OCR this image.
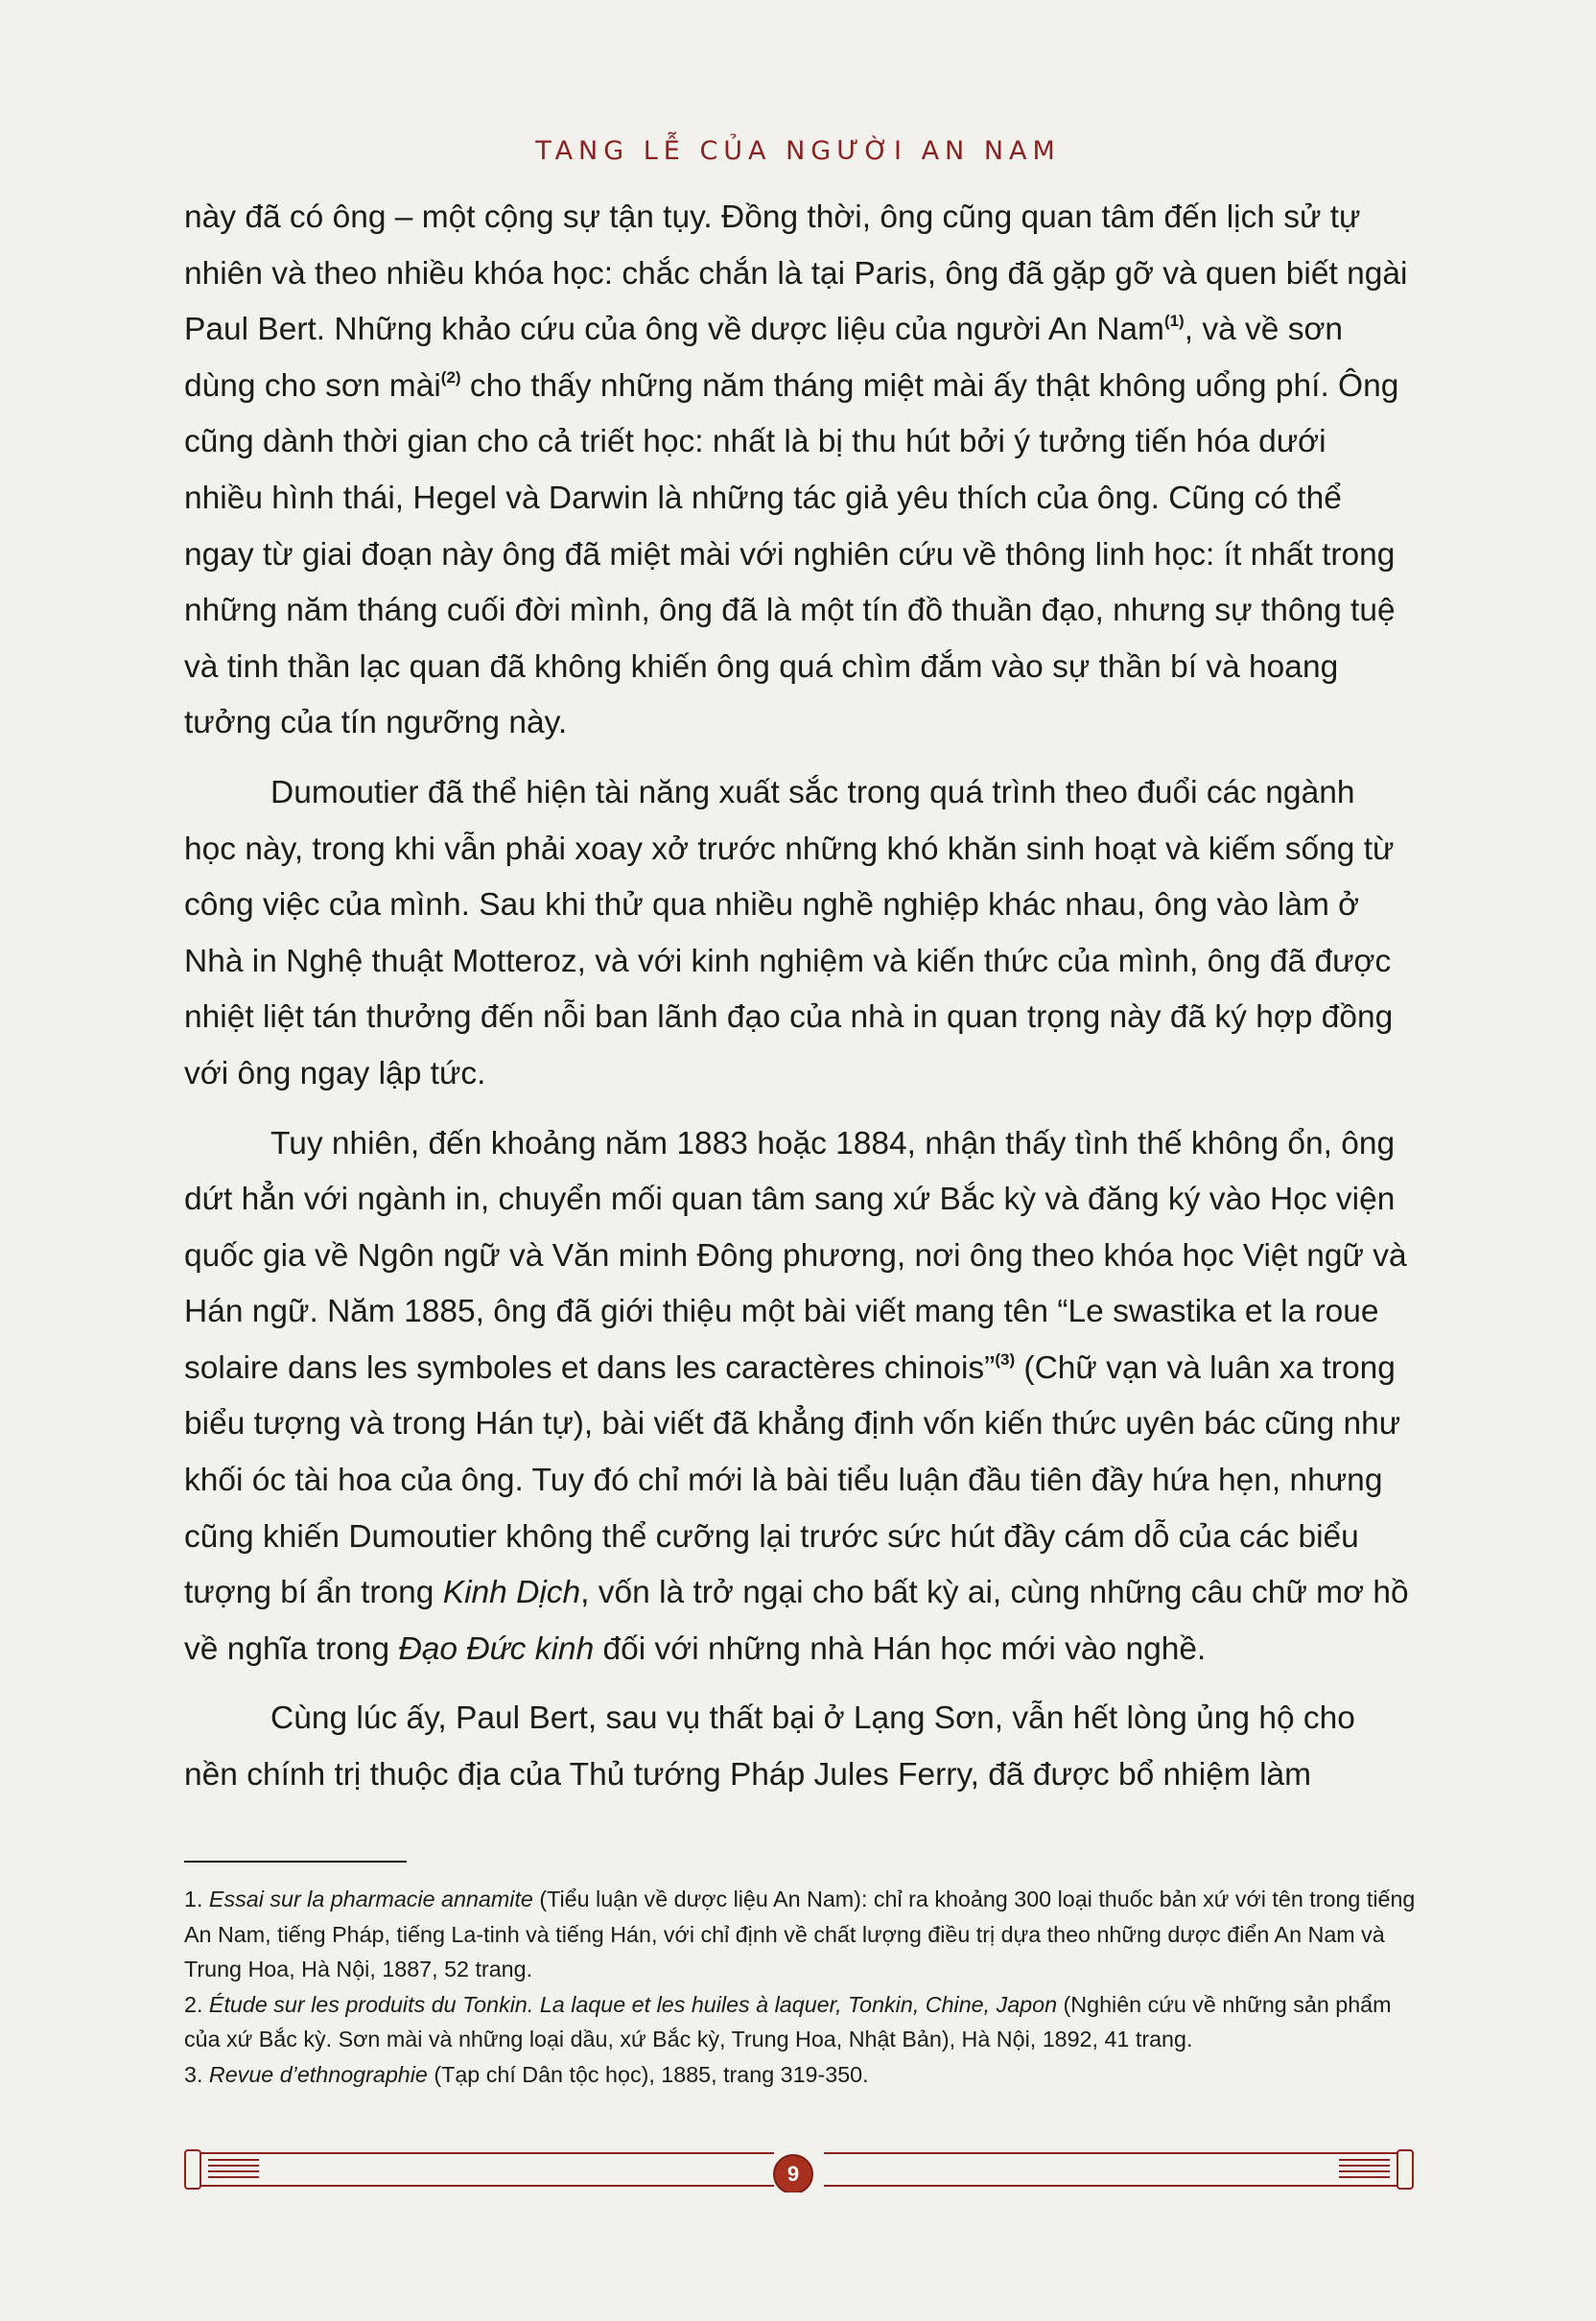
TANG LỄ CỦA NGƯỜI AN NAM

này đã có ông – một cộng sự tận tụy. Đồng thời, ông cũng quan tâm đến lịch sử tự nhiên và theo nhiều khóa học: chắc chắn là tại Paris, ông đã gặp gỡ và quen biết ngài Paul Bert. Những khảo cứu của ông về dược liệu của người An Nam$^{(1)}$, và về sơn dùng cho sơn mài$^{(2)}$ cho thấy những năm tháng miệt mài ấy thật không uổng phí. Ông cũng dành thời gian cho cả triết học: nhất là bị thu hút bởi ý tưởng tiến hóa dưới nhiều hình thái, Hegel và Darwin là những tác giả yêu thích của ông. Cũng có thể ngay từ giai đoạn này ông đã miệt mài với nghiên cứu về thông linh học: ít nhất trong những năm tháng cuối đời mình, ông đã là một tín đồ thuần đạo, nhưng sự thông tuệ và tinh thần lạc quan đã không khiến ông quá chìm đắm vào sự thần bí và hoang tưởng của tín ngưỡng này.

Dumoutier đã thể hiện tài năng xuất sắc trong quá trình theo đuổi các ngành học này, trong khi vẫn phải xoay xở trước những khó khăn sinh hoạt và kiếm sống từ công việc của mình. Sau khi thử qua nhiều nghề nghiệp khác nhau, ông vào làm ở Nhà in Nghệ thuật Motteroz, và với kinh nghiệm và kiến thức của mình, ông đã được nhiệt liệt tán thưởng đến nỗi ban lãnh đạo của nhà in quan trọng này đã ký hợp đồng với ông ngay lập tức.

Tuy nhiên, đến khoảng năm 1883 hoặc 1884, nhận thấy tình thế không ổn, ông dứt hẳn với ngành in, chuyển mối quan tâm sang xứ Bắc kỳ và đăng ký vào Học viện quốc gia về Ngôn ngữ và Văn minh Đông phương, nơi ông theo khóa học Việt ngữ và Hán ngữ. Năm 1885, ông đã giới thiệu một bài viết mang tên “Le swastika et la roue solaire dans les symboles et dans les caractères chinois”$^{(3)}$ (Chữ vạn và luân xa trong biểu tượng và trong Hán tự), bài viết đã khẳng định vốn kiến thức uyên bác cũng như khối óc tài hoa của ông. Tuy đó chỉ mới là bài tiểu luận đầu tiên đầy hứa hẹn, nhưng cũng khiến Dumoutier không thể cưỡng lại trước sức hút đầy cám dỗ của các biểu tượng bí ẩn trong Kinh Dịch, vốn là trở ngại cho bất kỳ ai, cùng những câu chữ mơ hồ về nghĩa trong Đạo Đức kinh đối với những nhà Hán học mới vào nghề.

Cùng lúc ấy, Paul Bert, sau vụ thất bại ở Lạng Sơn, vẫn hết lòng ủng hộ cho nền chính trị thuộc địa của Thủ tướng Pháp Jules Ferry, đã được bổ nhiệm làm

1. Essai sur la pharmacie annamite (Tiểu luận về dược liệu An Nam): chỉ ra khoảng 300 loại thuốc bản xứ với tên trong tiếng An Nam, tiếng Pháp, tiếng La-tinh và tiếng Hán, với chỉ định về chất lượng điều trị dựa theo những dược điển An Nam và Trung Hoa, Hà Nội, 1887, 52 trang.

2. Étude sur les produits du Tonkin. La laque et les huiles à laquer, Tonkin, Chine, Japon (Nghiên cứu về những sản phẩm của xứ Bắc kỳ. Sơn mài và những loại dầu, xứ Bắc kỳ, Trung Hoa, Nhật Bản), Hà Nội, 1892, 41 trang.

3. Revue d’ethnographie (Tạp chí Dân tộc học), 1885, trang 319-350.

9
